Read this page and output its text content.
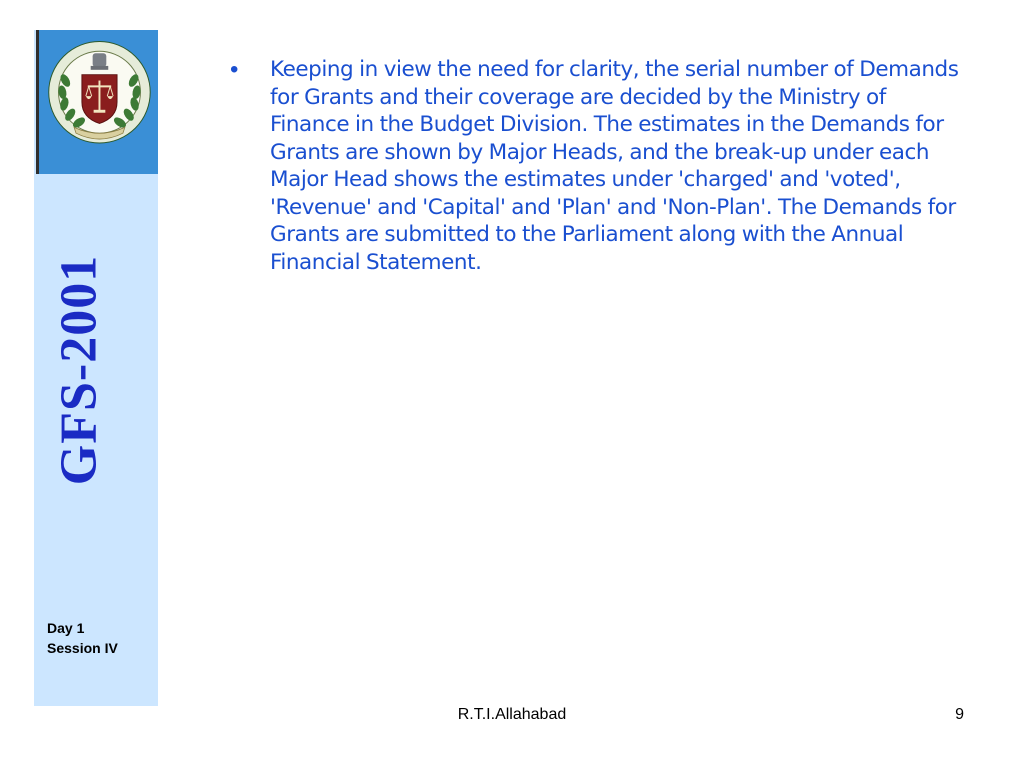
GFS-2001
Day 1
Session IV
•	Keeping in view the need for clarity, the serial number of Demands for Grants and their coverage are decided by the Ministry of Finance in the Budget Division. The estimates in the Demands for Grants are shown by Major Heads, and the break-up under each Major Head shows the estimates under 'charged' and 'voted', 'Revenue' and 'Capital' and 'Plan' and 'Non-Plan'. The Demands for Grants are submitted to the Parliament along with the Annual Financial Statement.
R.T.I.Allahabad	9
